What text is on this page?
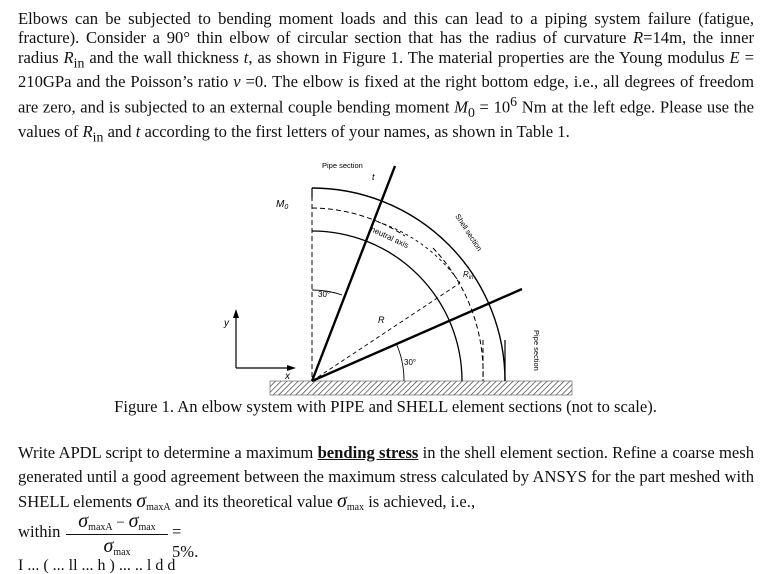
Elbows can be subjected to bending moment loads and this can lead to a piping system failure (fatigue, fracture). Consider a 90° thin elbow of circular section that has the radius of curvature R=14m, the inner radius $R_{in}$ and the wall thickness t, as shown in Figure 1. The material properties are the Young modulus E = 210GPa and the Poisson’s ratio ν =0. The elbow is fixed at the right bottom edge, i.e., all degrees of freedom are zero, and is subjected to an external couple bending moment $M_0 = 10^6$ Nm at the left edge. Please use the values of $R_{in}$ and t according to the first letters of your names, as shown in Table 1.
y
x
$M_0$
Pipe section
t
neutral axis	Shell section
$R_{in}$
30°
R
30°	Pipe section
Figure 1. An elbow system with PIPE and SHELL element sections (not to scale).
Write APDL script to determine a maximum bending stress in the shell element section. Refine a coarse mesh generated until a good agreement between the maximum stress calculated by ANSYS for the part meshed with SHELL elements $\sigma_{maxA}$ and its theoretical value $\sigma_{max}$ is achieved, i.e.,
within $\sigma_{maxA} - \sigma_{max}$
$\sigma_{max}$
= 5%.
I ... ( ... ll ... h ) ... .. l d d
